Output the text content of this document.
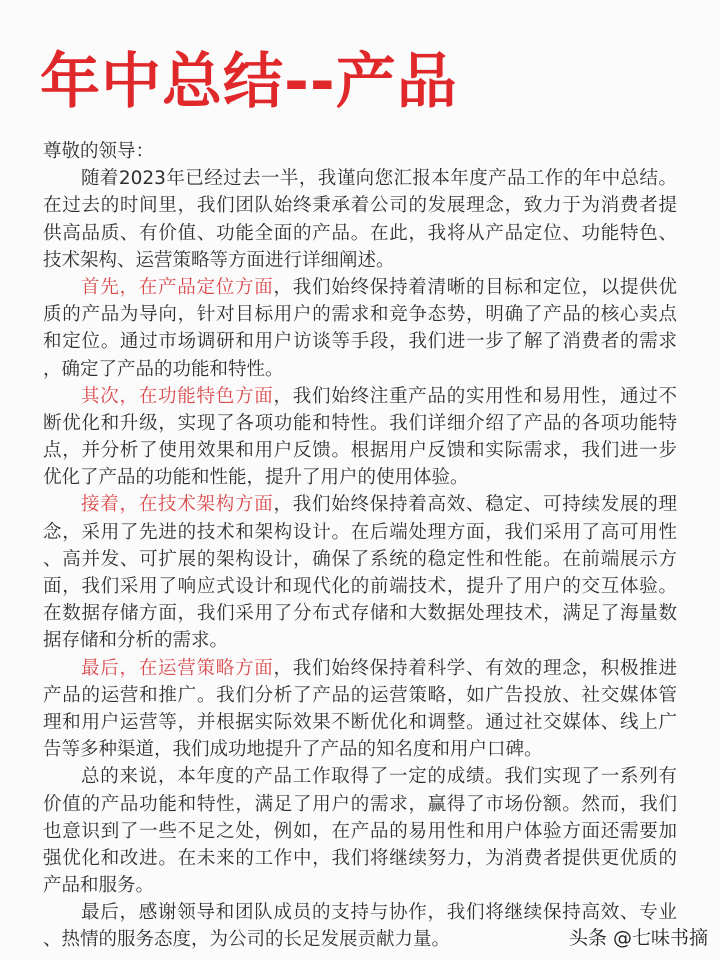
年中总结--产品
尊敬的领导：
随着2023年已经过去一半，我谨向您汇报本年度产品工作的年中总结。
在过去的时间里，我们团队始终秉承着公司的发展理念，致力于为消费者提
供高品质、有价值、功能全面的产品。在此，我将从产品定位、功能特色、
技术架构、运营策略等方面进行详细阐述。
首先，在产品定位方面，我们始终保持着清晰的目标和定位，以提供优
质的产品为导向，针对目标用户的需求和竞争态势，明确了产品的核心卖点
和定位。通过市场调研和用户访谈等手段，我们进一步了解了消费者的需求
，确定了产品的功能和特性。
其次，在功能特色方面，我们始终注重产品的实用性和易用性，通过不
断优化和升级，实现了各项功能和特性。我们详细介绍了产品的各项功能特
点，并分析了使用效果和用户反馈。根据用户反馈和实际需求，我们进一步
优化了产品的功能和性能，提升了用户的使用体验。
接着，在技术架构方面，我们始终保持着高效、稳定、可持续发展的理
念，采用了先进的技术和架构设计。在后端处理方面，我们采用了高可用性
、高并发、可扩展的架构设计，确保了系统的稳定性和性能。在前端展示方
面，我们采用了响应式设计和现代化的前端技术，提升了用户的交互体验。
在数据存储方面，我们采用了分布式存储和大数据处理技术，满足了海量数
据存储和分析的需求。
最后，在运营策略方面，我们始终保持着科学、有效的理念，积极推进
产品的运营和推广。我们分析了产品的运营策略，如广告投放、社交媒体管
理和用户运营等，并根据实际效果不断优化和调整。通过社交媒体、线上广
告等多种渠道，我们成功地提升了产品的知名度和用户口碑。
总的来说，本年度的产品工作取得了一定的成绩。我们实现了一系列有
价值的产品功能和特性，满足了用户的需求，赢得了市场份额。然而，我们
也意识到了一些不足之处，例如，在产品的易用性和用户体验方面还需要加
强优化和改进。在未来的工作中，我们将继续努力，为消费者提供更优质的
产品和服务。
最后，感谢领导和团队成员的支持与协作，我们将继续保持高效、专业
、热情的服务态度，为公司的长足发展贡献力量。	头条 @七味书摘
